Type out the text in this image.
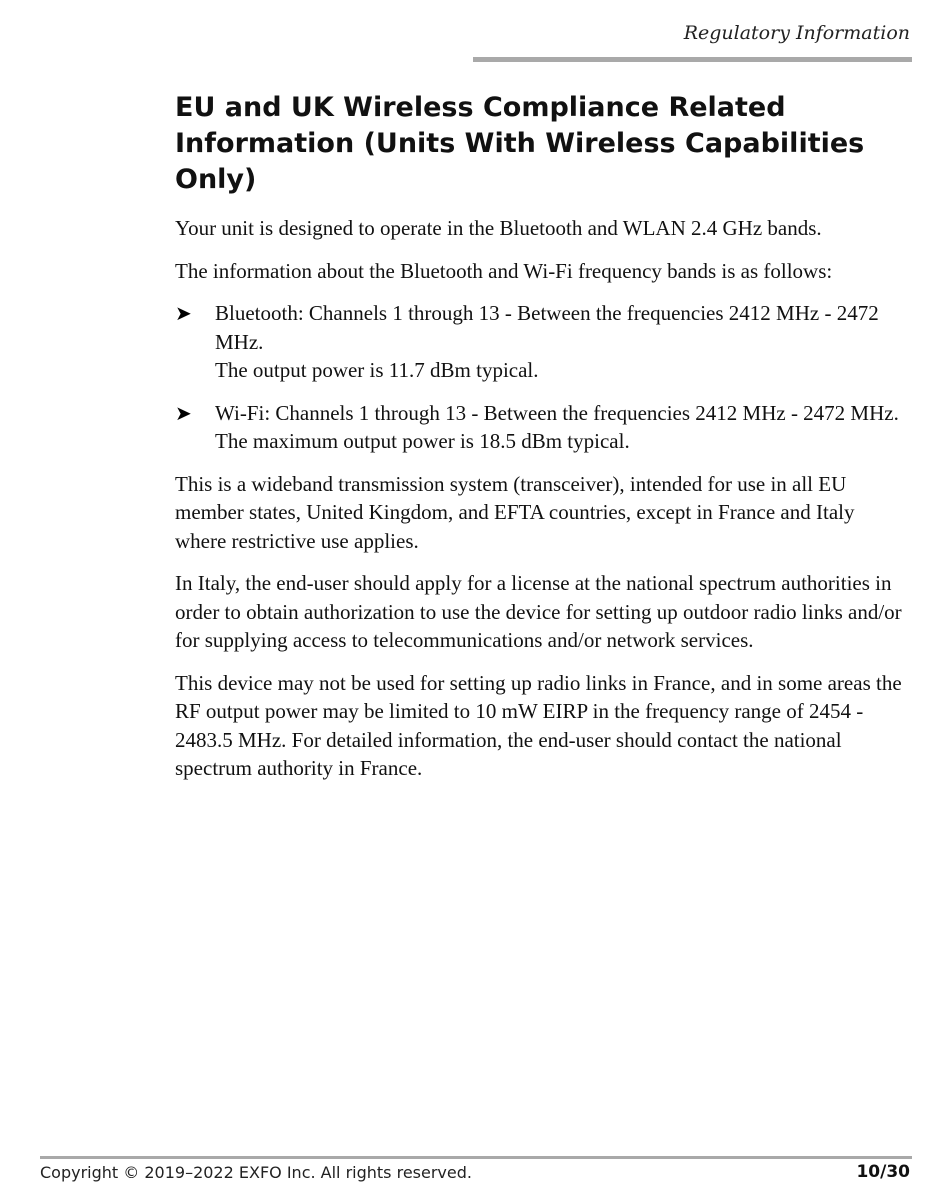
Regulatory Information
EU and UK Wireless Compliance Related Information (Units With Wireless Capabilities Only)

Your unit is designed to operate in the Bluetooth and WLAN 2.4 GHz bands.

The information about the Bluetooth and Wi-Fi frequency bands is as follows:

➤	Bluetooth: Channels 1 through 13 - Between the frequencies 2412 MHz - 2472 MHz.
The output power is 11.7 dBm typical.
➤	Wi-Fi: Channels 1 through 13 - Between the frequencies 2412 MHz - 2472 MHz.
The maximum output power is 18.5 dBm typical.

This is a wideband transmission system (transceiver), intended for use in all EU member states, United Kingdom, and EFTA countries, except in France and Italy where restrictive use applies.

In Italy, the end-user should apply for a license at the national spectrum authorities in order to obtain authorization to use the device for setting up outdoor radio links and/or for supplying access to telecommunications and/or network services.

This device may not be used for setting up radio links in France, and in some areas the RF output power may be limited to 10 mW EIRP in the frequency range of 2454 - 2483.5 MHz. For detailed information, the end-user should contact the national spectrum authority in France.

Copyright © 2019–2022 EXFO Inc. All rights reserved.	10/30
